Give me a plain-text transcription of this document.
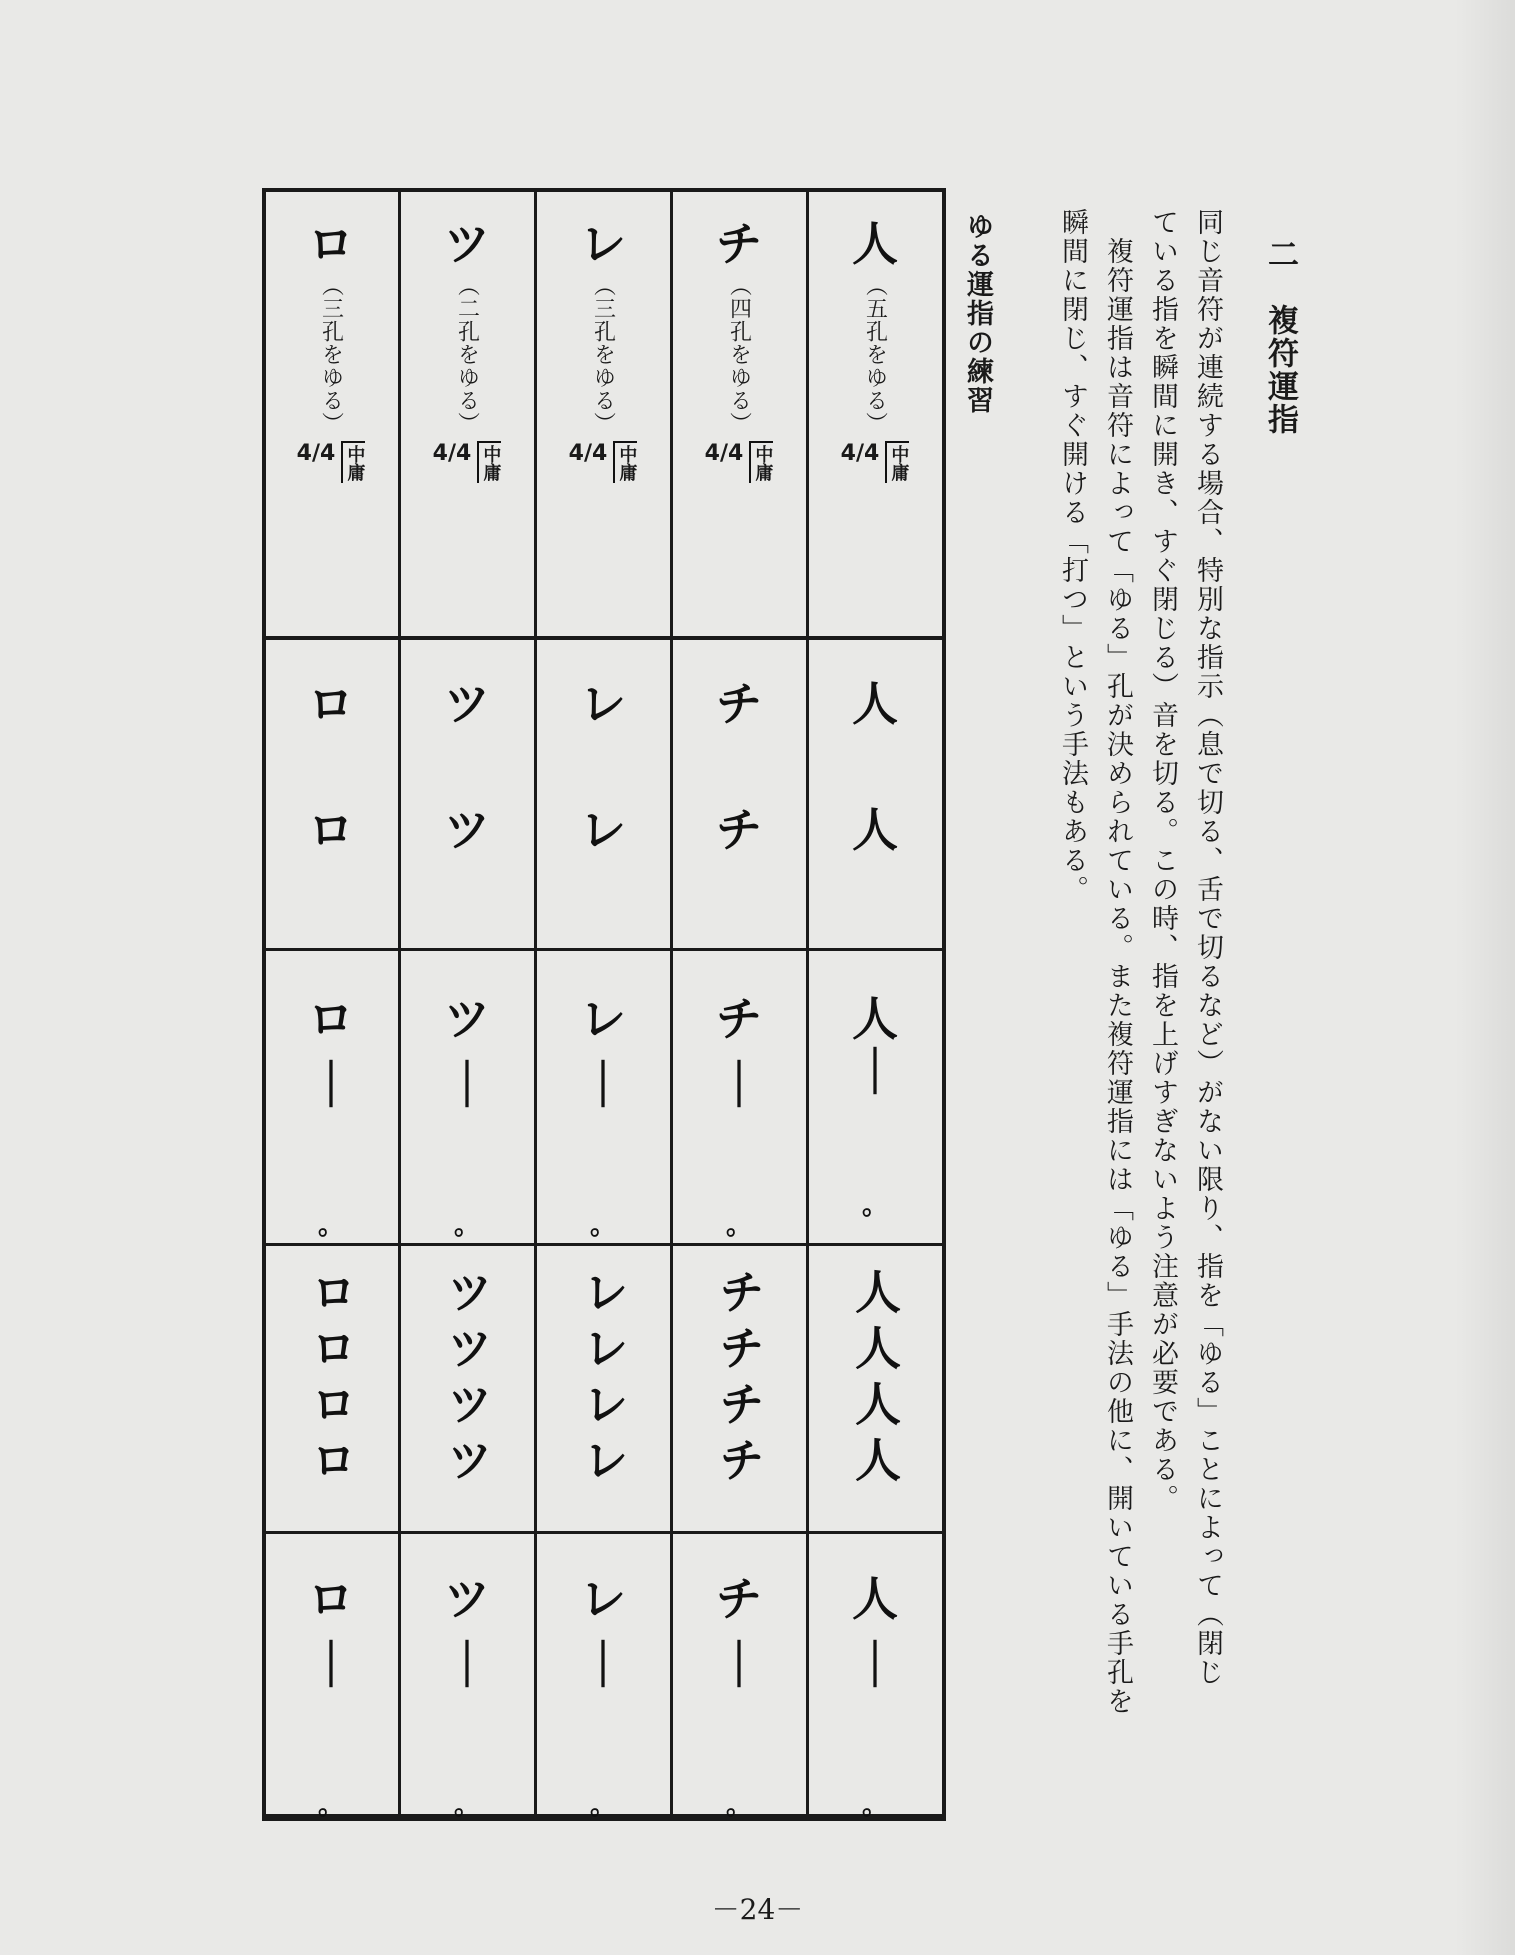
二　複符運指
同じ音符が連続する場合、特別な指示（息で切る、舌で切るなど）がない限り、指を「ゆる」ことによって（閉じ
ている指を瞬間に開き、すぐ閉じる）音を切る。この時、指を上げすぎないよう注意が必要である。
　複符運指は音符によって「ゆる」孔が決められている。また複符運指には「ゆる」手法の他に、開いている手孔を
瞬間に閉じ、すぐ開ける「打つ」という手法もある。
ゆる運指の練習
人
（五孔をゆる）
4/4 中庸
人
人
人
｜
。
人人人人
人
｜
。
チ
（四孔をゆる）
4/4 中庸
チ
チ
チ
｜
。
チチチチ
チ
｜
。
レ
（三孔をゆる）
4/4 中庸
レ
レ
レ
｜
。
レレレレ
レ
｜
。
ツ
（二孔をゆる）
4/4 中庸
ツ
ツ
ツ
｜
。
ツツツツ
ツ
｜
。
ロ
（三孔をゆる）
4/4 中庸
ロ
ロ
ロ
｜
。
ロロロロ
ロ
｜
。
－24－
